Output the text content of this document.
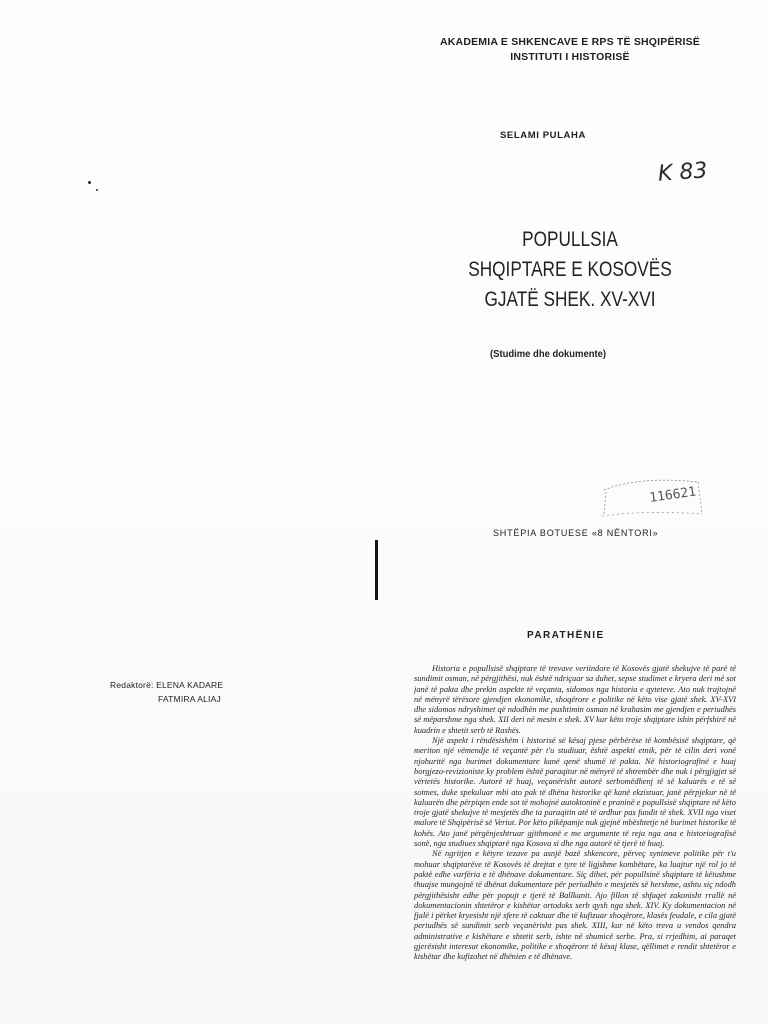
AKADEMIA E SHKENCAVE E RPS TË SHQIPËRISË
INSTITUTI I HISTORISË
SELAMI PULAHA
K 83
POPULLSIA
SHQIPTARE E KOSOVËS
GJATË SHEK. XV-XVI
(Studime dhe dokumente)
116621
SHTËPIA BOTUESE «8 NËNTORI»
PARATHËNIE
Redaktorë: ELENA KADARE
FATMIRA ALIAJ

Historia e popullsisë shqiptare të trevave veriindore të Kosovës gjatë shekujve të parë të sundimit osman, në përgjithësi, nuk është ndriçuar sa duhet, sepse studimet e kryera deri më sot janë të pakta dhe prekin aspekte të veçanta, sidomos nga historia e qyteteve. Ato nuk trajtojnë në mënyrë tërësore gjendjen ekonomike, shoqërore e politike në këto vise gjatë shek. XV-XVI dhe sidomos ndryshimet që ndodhën me pushtimin osman në krahasim me gjendjen e periudhës së mëparshme nga shek. XII deri në mesin e shek. XV kur këto troje shqiptare ishin përfshirë në kuadrin e shtetit serb të Rashës.

Një aspekt i rëndësishëm i historisë së kësaj pjese përbërëse të kombësisë shqiptare, që meriton një vëmendje të veçantë për t'u studiuar, është aspekti etnik, për të cilin deri vonë njohuritë nga burimet dokumentare kanë qenë shumë të pakta. Në historiografinë e huaj borgjezo-revizioniste ky problem është paraqitur në mënyrë të shtrembër dhe nuk i përgjigjet së vërtetës historike. Autorë të huaj, veçanërisht autorë serbomëdhenj të së kaluarës e të së sotmes, duke spekuluar mbi ato pak të dhëna historike që kanë ekzistuar, janë përpjekur në të kaluarën dhe përpiqen ende sot të mohojnë autoktoninë e praninë e popullsisë shqiptare në këto troje gjatë shekujve të mesjetës dhe ta paraqitin atë të ardhur pas fundit të shek. XVII nga viset malore të Shqipërisë së Veriut. Por këto pikëpamje nuk gjejnë mbështetje në burimet historike të kohës. Ato janë përgënjeshtruar gjithmonë e me argumente të reja nga ana e historiografisë sonë, nga studiues shqiptarë nga Kosova si dhe nga autorë të tjerë të huaj.

Në ngritjen e këtyre tezave pa asnjë bazë shkencore, përveç synimeve politike për t'u mohuar shqiptarëve të Kosovës të drejtat e tyre të ligjshme kombëtare, ka luajtur një rol jo të paktë edhe varfëria e të dhënave dokumentare. Siç dihet, për popullsinë shqiptare të këtushme thuajse mungojnë të dhënat dokumentare për periudhën e mesjetës së hershme, ashtu siç ndodh përgjithësisht edhe për popujt e tjerë të Ballkanit. Ajo fillon të shfaqet zakonisht rrallë në dokumentacionin shtetëror e kishëtar ortodoks serb qysh nga shek. XIV. Ky dokumentacion në fjalë i përket kryesisht një sfere të caktuar dhe të kufizuar shoqërore, klasës feudale, e cila gjatë periudhës së sundimit serb veçanërisht pas shek. XIII, kur në këto treva u vendos qendra administrative e kishëtare e shtetit serb, ishte në shumicë serbe. Pra, si rrjedhim, ai paraqet gjerësisht interesat ekonomike, politike e shoqërore të kësaj klase, qëllimet e rendit shtetëror e kishëtar dhe kufizohet në dhënien e të dhënave.
